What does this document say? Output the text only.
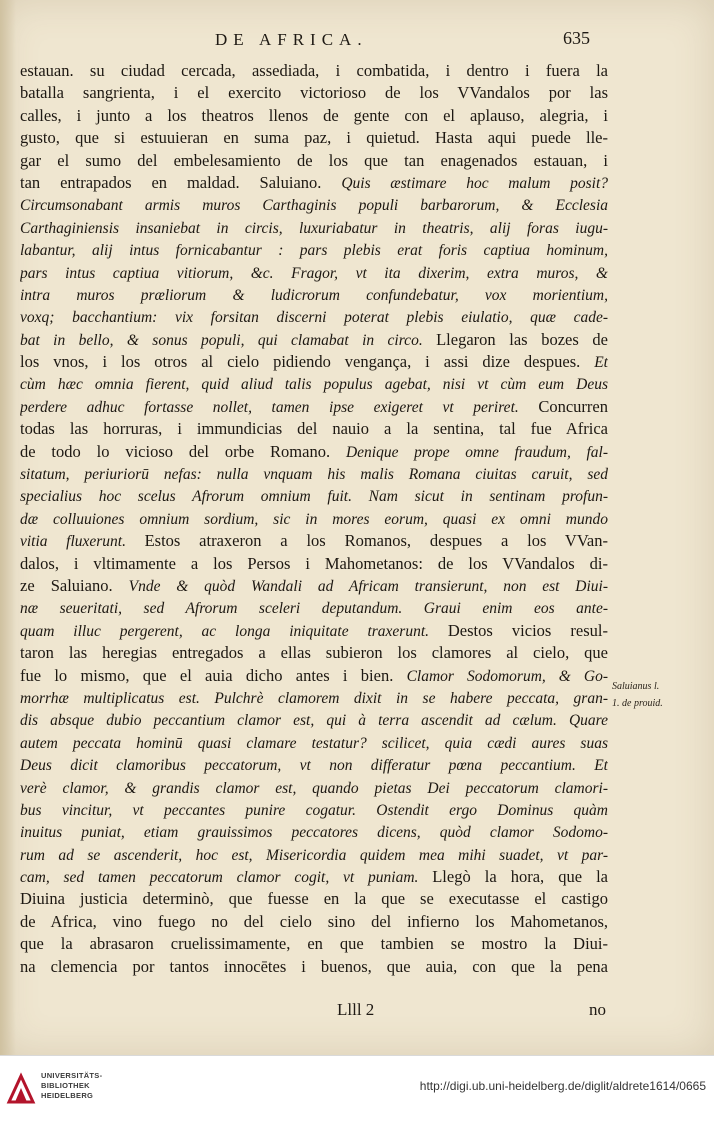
DE AFRICA.	635
estauan. su ciudad cercada, assediada, i combatida, i dentro i fuera la
batalla sangrienta, i el exercito victorioso de los VVandalos por las
calles, i junto a los theatros llenos de gente con el aplauso, alegria, i
gusto, que si estuuieran en suma paz, i quietud. Hasta aqui puede lle-
gar el sumo del embelesamiento de los que tan enagenados estauan, i
tan entrapados en maldad. Saluiano. Quis æstimare hoc malum posit?
Circumsonabant armis muros Carthaginis populi barbarorum, & Ecclesia
Carthaginiensis insaniebat in circis, luxuriabatur in theatris, alij foras iugu-
labantur, alij intus fornicabantur : pars plebis erat foris captiua hominum,
pars intus captiua vitiorum, &c. Fragor, vt ita dixerim, extra muros, &
intra muros præliorum & ludicrorum confundebatur, vox morientium,
voxq; bacchantium: vix forsitan discerni poterat plebis eiulatio, quæ cade-
bat in bello, & sonus populi, qui clamabat in circo. Llegaron las bozes de
los vnos, i los otros al cielo pidiendo vengança, i assi dize despues. Et
cùm hæc omnia fierent, quid aliud talis populus agebat, nisi vt cùm eum Deus
perdere adhuc fortasse nollet, tamen ipse exigeret vt periret. Concurren
todas las horruras, i immundicias del nauio a la sentina, tal fue Africa
de todo lo vicioso del orbe Romano. Denique prope omne fraudum, fal-
sitatum, periuriorū nefas: nulla vnquam his malis Romana ciuitas caruit, sed
specialius hoc scelus Afrorum omnium fuit. Nam sicut in sentinam profun-
dæ colluuiones omnium sordium, sic in mores eorum, quasi ex omni mundo
vitia fluxerunt. Estos atraxeron a los Romanos, despues a los VVan-
dalos, i vltimamente a los Persos i Mahometanos: de los VVandalos di-
ze Saluiano. Vnde & quòd Wandali ad Africam transierunt, non est Diui-
næ seueritati, sed Afrorum sceleri deputandum. Graui enim eos ante-
quam illuc pergerent, ac longa iniquitate traxerunt. Destos vicios resul-
taron las heregias entregados a ellas subieron los clamores al cielo, que
fue lo mismo, que el auia dicho antes i bien. Clamor Sodomorum, & Go-
morrhæ multiplicatus est. Pulchrè clamorem dixit in se habere peccata, gran-
dis absque dubio peccantium clamor est, qui à terra ascendit ad cælum. Quare
autem peccata hominū quasi clamare testatur? scilicet, quia cædi aures suas
Deus dicit clamoribus peccatorum, vt non differatur pœna peccantium. Et
verè clamor, & grandis clamor est, quando pietas Dei peccatorum clamori-
bus vincitur, vt peccantes punire cogatur. Ostendit ergo Dominus quàm
inuitus puniat, etiam grauissimos peccatores dicens, quòd clamor Sodomo-
rum ad se ascenderit, hoc est, Misericordia quidem mea mihi suadet, vt par-
cam, sed tamen peccatorum clamor cogit, vt puniam. Llegò la hora, que la
Diuina justicia determinò, que fuesse en la que se executasse el castigo
de Africa, vino fuego no del cielo sino del infierno los Mahometanos,
que la abrasaron cruelissimamente, en que tambien se mostro la Diui-
na clemencia por tantos innocētes i buenos, que auia, con que la pena
Saluianus l.
1. de prouid.
Llll 2	no
UNIVERSITÄTS-
BIBLIOTHEK
HEIDELBERG
http://digi.ub.uni-heidelberg.de/diglit/aldrete1614/0665
